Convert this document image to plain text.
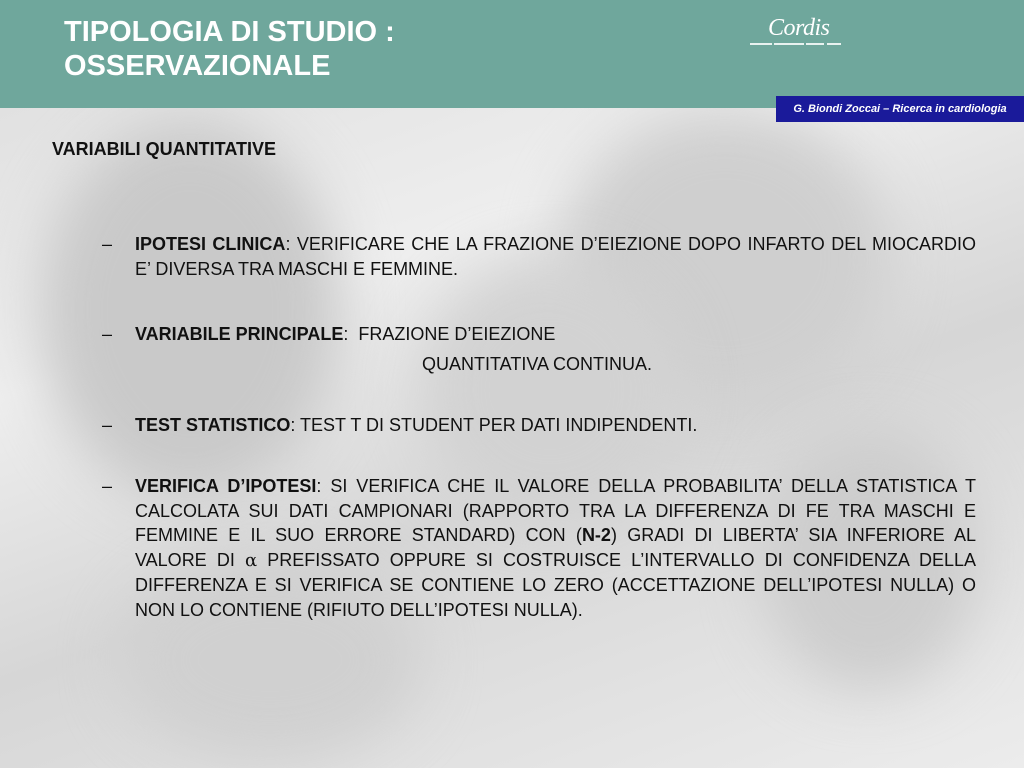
TIPOLOGIA DI STUDIO :
OSSERVAZIONALE
Cordis
G. Biondi Zoccai – Ricerca in cardiologia
VARIABILI QUANTITATIVE
– IPOTESI CLINICA: VERIFICARE CHE LA FRAZIONE D’EIEZIONE DOPO INFARTO DEL MIOCARDIO E’ DIVERSA TRA MASCHI E FEMMINE.
– VARIABILE PRINCIPALE:  FRAZIONE D’EIEZIONE
QUANTITATIVA CONTINUA.
– TEST STATISTICO: TEST T DI STUDENT PER DATI INDIPENDENTI.
– VERIFICA D’IPOTESI: SI VERIFICA CHE IL VALORE DELLA PROBABILITA’ DELLA STATISTICA T CALCOLATA SUI DATI CAMPIONARI (RAPPORTO TRA LA DIFFERENZA DI FE TRA MASCHI E FEMMINE E IL SUO ERRORE STANDARD) CON (N-2) GRADI DI LIBERTA’ SIA INFERIORE AL VALORE DI α PREFISSATO OPPURE SI COSTRUISCE L’INTERVALLO DI CONFIDENZA DELLA DIFFERENZA E SI VERIFICA SE CONTIENE LO ZERO (ACCETTAZIONE DELL’IPOTESI NULLA) O NON LO CONTIENE (RIFIUTO DELL’IPOTESI NULLA).
